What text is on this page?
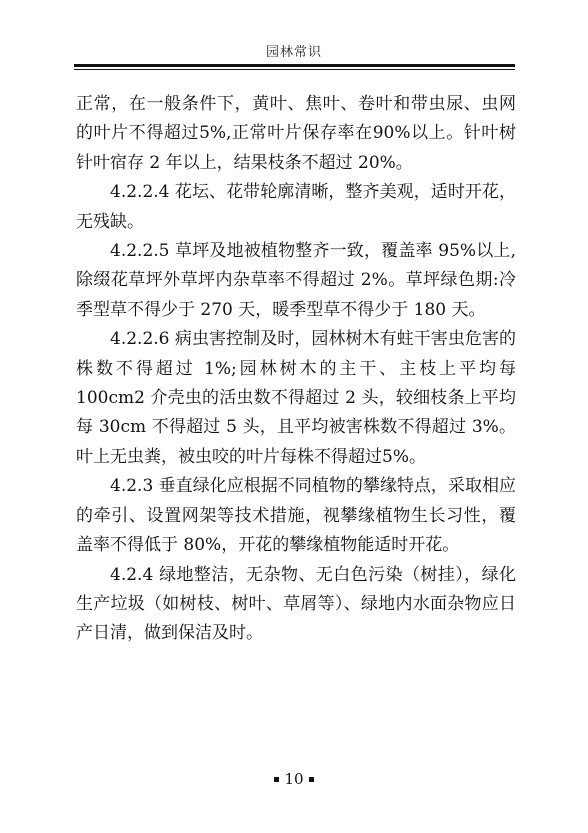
园林常识

正常，在一般条件下，黄叶、焦叶、卷叶和带虫尿、虫网的叶片不得超过5%,正常叶片保存率在90%以上。针叶树针叶宿存 2 年以上，结果枝条不超过 20%。

4.2.2.4 花坛、花带轮廓清晰，整齐美观，适时开花，无残缺。

4.2.2.5 草坪及地被植物整齐一致，覆盖率 95%以上,除缀花草坪外草坪内杂草率不得超过 2%。草坪绿色期:冷季型草不得少于 270 天，暖季型草不得少于 180 天。

4.2.2.6 病虫害控制及时，园林树木有蛀干害虫危害的株数不得超过 1%;园林树木的主干、主枝上平均每 100cm2 介壳虫的活虫数不得超过 2 头，较细枝条上平均每 30cm 不得超过 5 头，且平均被害株数不得超过 3%。叶上无虫粪，被虫咬的叶片每株不得超过5%。

4.2.3 垂直绿化应根据不同植物的攀缘特点，采取相应的牵引、设置网架等技术措施，视攀缘植物生长习性，覆盖率不得低于 80%，开花的攀缘植物能适时开花。

4.2.4 绿地整洁，无杂物、无白色污染（树挂），绿化生产垃圾（如树枝、树叶、草屑等）、绿地内水面杂物应日产日清，做到保洁及时。

10
